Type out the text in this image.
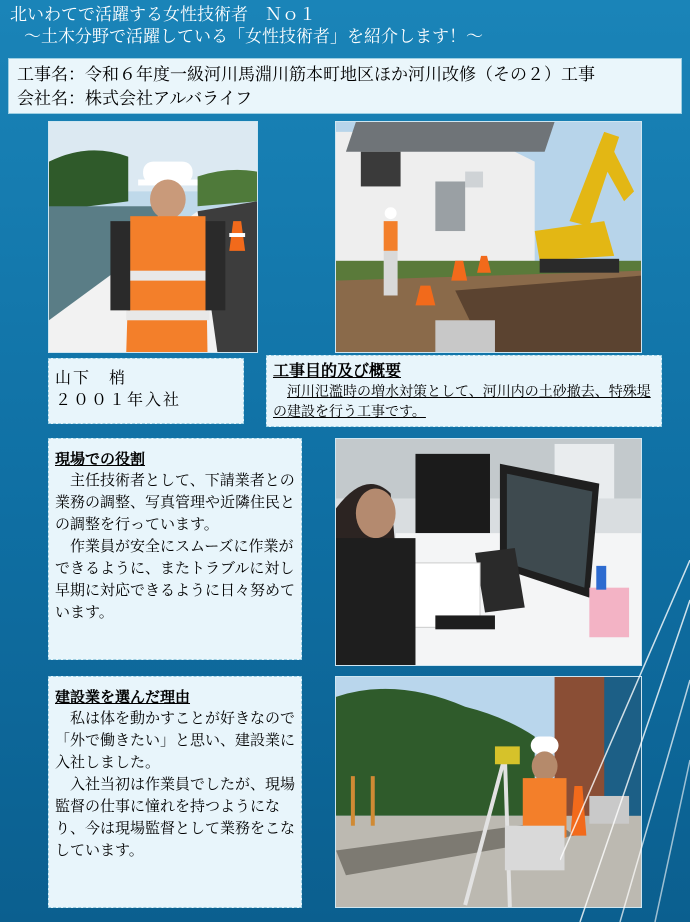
北いわてで活躍する女性技術者　Ｎｏ１
～土木分野で活躍している「女性技術者」を紹介します！～
工事名：令和６年度一級河川馬淵川筋本町地区ほか河川改修（その２）工事
会社名：株式会社アルバライフ
山下　梢
２００１年入社
工事目的及び概要
河川氾濫時の増水対策として、河川内の土砂撤去、特殊堤の建設を行う工事です。
現場での役割

主任技術者として、下請業者との業務の調整、写真管理や近隣住民との調整を行っています。

作業員が安全にスムーズに作業ができるように、またトラブルに対し早期に対応できるように日々努めています。

建設業を選んだ理由

私は体を動かすことが好きなので「外で働きたい」と思い、建設業に入社しました。

入社当初は作業員でしたが、現場監督の仕事に憧れを持つようになり、今は現場監督として業務をこなしています。
